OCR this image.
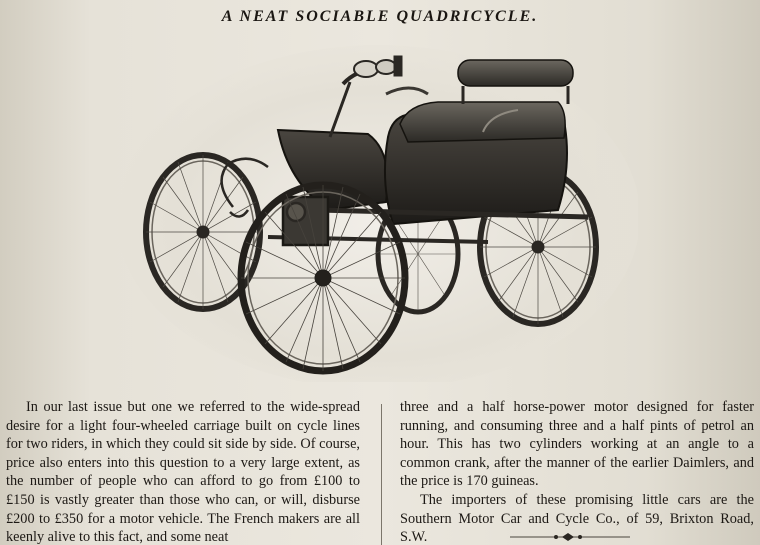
A NEAT SOCIABLE QUADRICYCLE.

In our last issue but one we referred to the wide-spread desire for a light four-wheeled carriage built on cycle lines for two riders, in which they could sit side by side. Of course, price also enters into this question to a very large extent, as the number of people who can afford to go from £100 to £150 is vastly greater than those who can, or will, disburse £200 to £350 for a motor vehicle. The French makers are all keenly alive to this fact, and some neat

three and a half horse-power motor designed for faster running, and consuming three and a half pints of petrol an hour. This has two cylinders working at an angle to a common crank, after the manner of the earlier Daimlers, and the price is 170 guineas.

The importers of these promising little cars are the Southern Motor Car and Cycle Co., of 59, Brixton Road, S.W.
